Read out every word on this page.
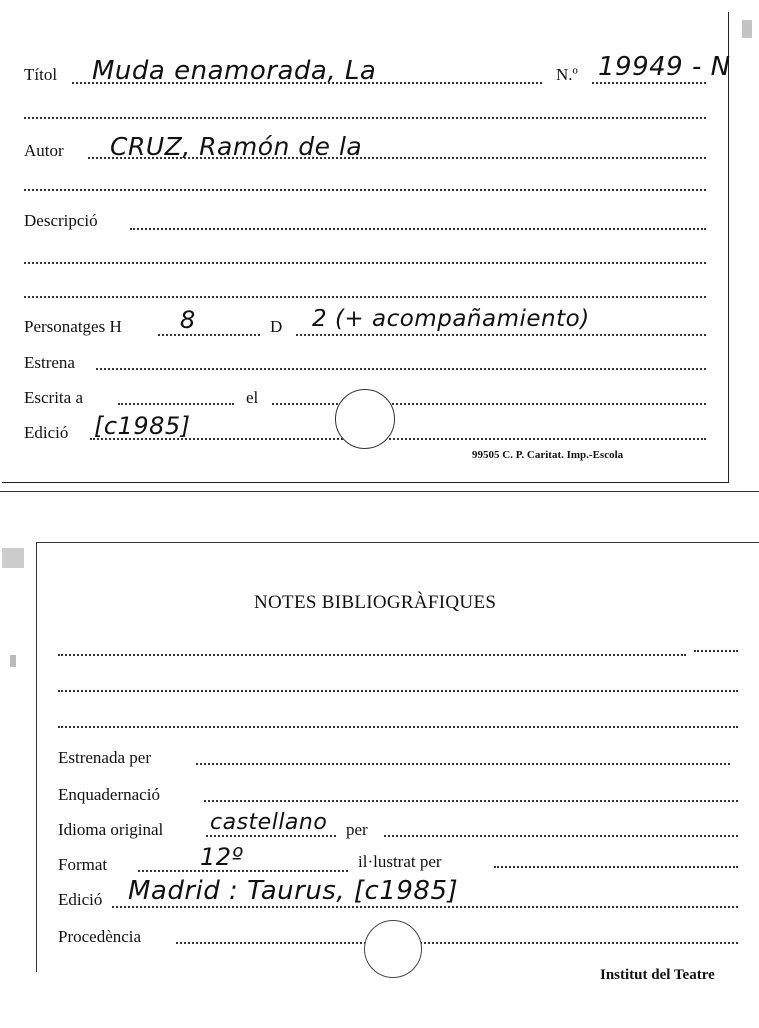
Títol Muda enamorada, La	N.º 19949 - N
Autor CRUZ, Ramón de la
Descripció
Personatges H 8	D 2 (+ acompañamiento)
Estrena
Escrita a	el
Edició [c1985]
99505 C. P. Caritat. Imp.-Escola
NOTES BIBLIOGRÀFIQUES
Estrenada per
Enquadernació
Idioma original castellano per
Format	12º	il·lustrat per
Edició Madrid : Taurus, [c1985]
Procedència
Institut del Teatre
